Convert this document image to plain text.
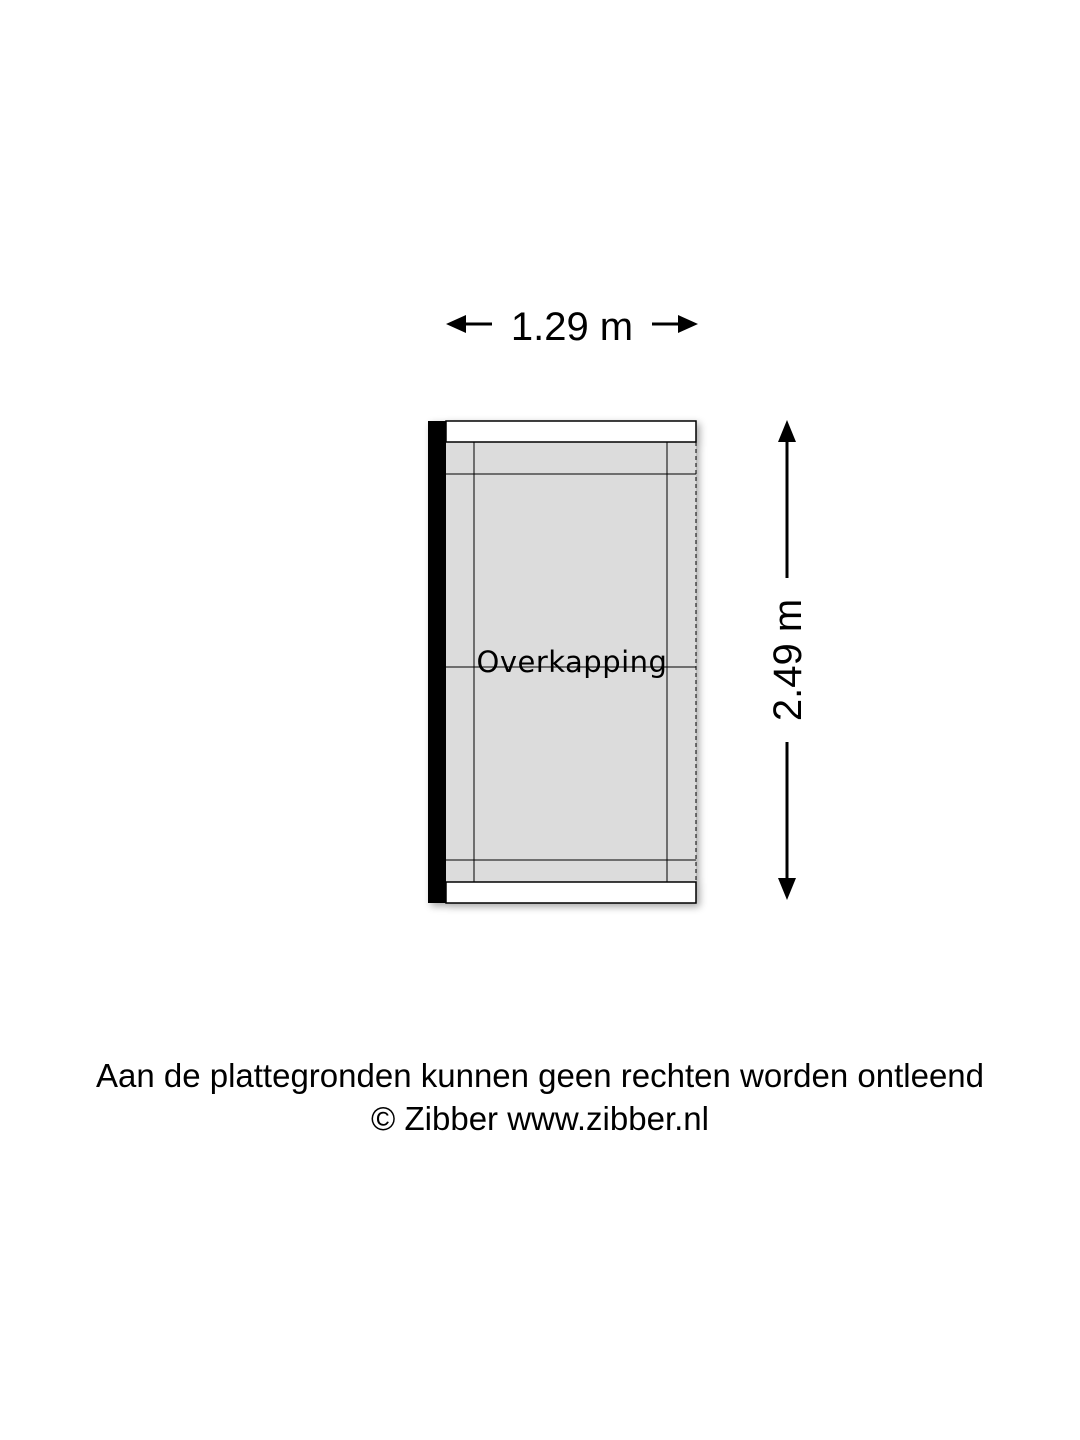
1.29 m
2.49 m
Overkapping
Aan de plattegronden kunnen geen rechten worden ontleend
© Zibber www.zibber.nl
